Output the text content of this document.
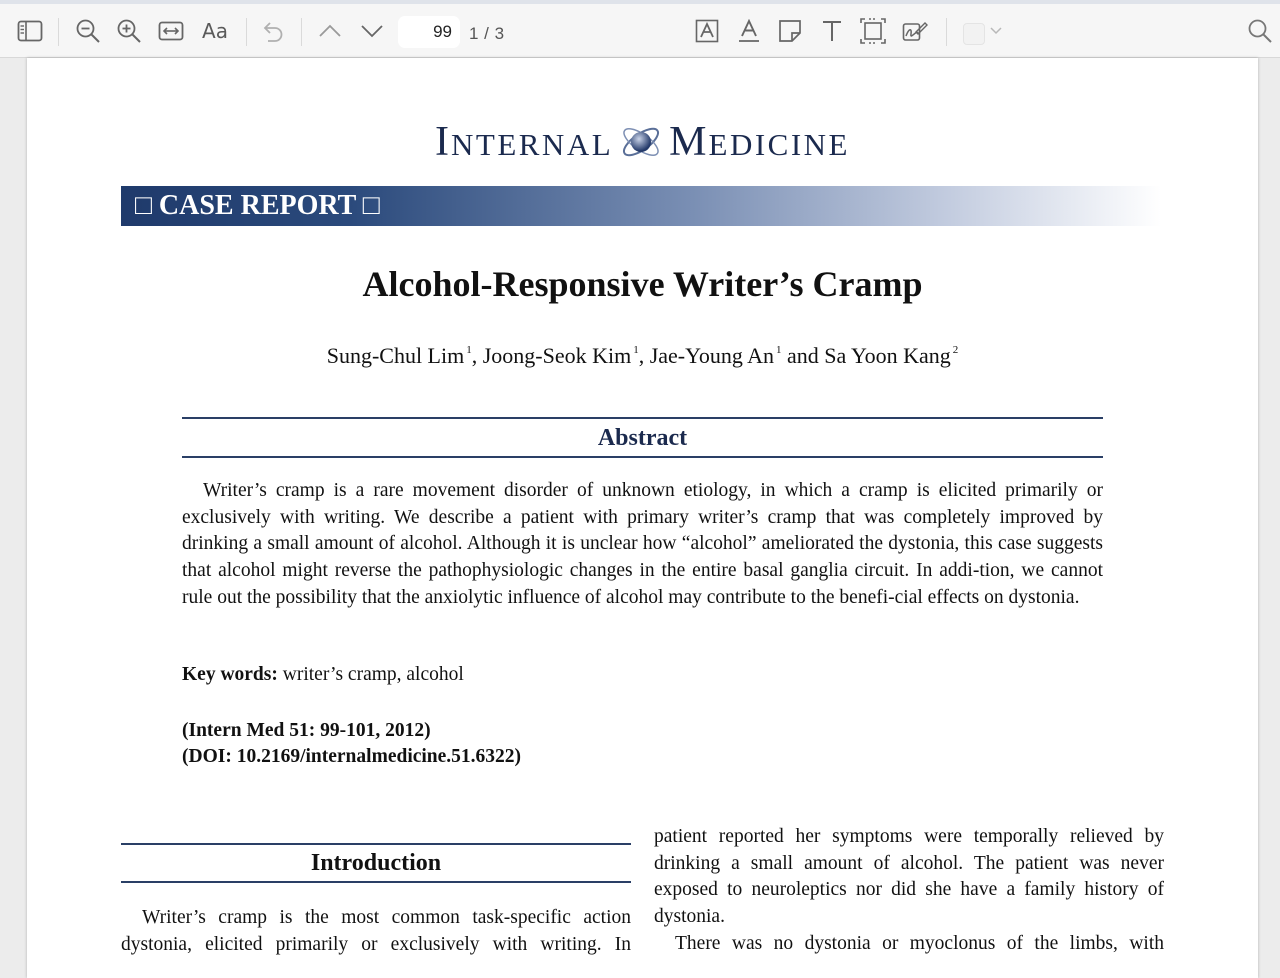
Aa
99	1 / 3
INTERNAL MEDICINE
□ CASE REPORT □
Alcohol-Responsive Writer’s Cramp
Sung-Chul Lim $^1$, Joong-Seok Kim $^1$, Jae-Young An $^1$ and Sa Yoon Kang $^2$
Abstract
Writer’s cramp is a rare movement disorder of unknown etiology, in which a cramp is elicited primarily or exclusively with writing. We describe a patient with primary writer’s cramp that was completely improved by drinking a small amount of alcohol. Although it is unclear how “alcohol” ameliorated the dystonia, this case suggests that alcohol might reverse the pathophysiologic changes in the entire basal ganglia circuit. In addi-tion, we cannot rule out the possibility that the anxiolytic influence of alcohol may contribute to the benefi-cial effects on dystonia.
Key words: writer’s cramp, alcohol
(Intern Med 51: 99-101, 2012)
(DOI: 10.2169/internalmedicine.51.6322)
Introduction
Writer’s cramp is the most common task-specific action dystonia, elicited primarily or exclusively with writing. In
patient reported her symptoms were temporally relieved by drinking a small amount of alcohol. The patient was never exposed to neuroleptics nor did she have a family history of dystonia.
There was no dystonia or myoclonus of the limbs, with
